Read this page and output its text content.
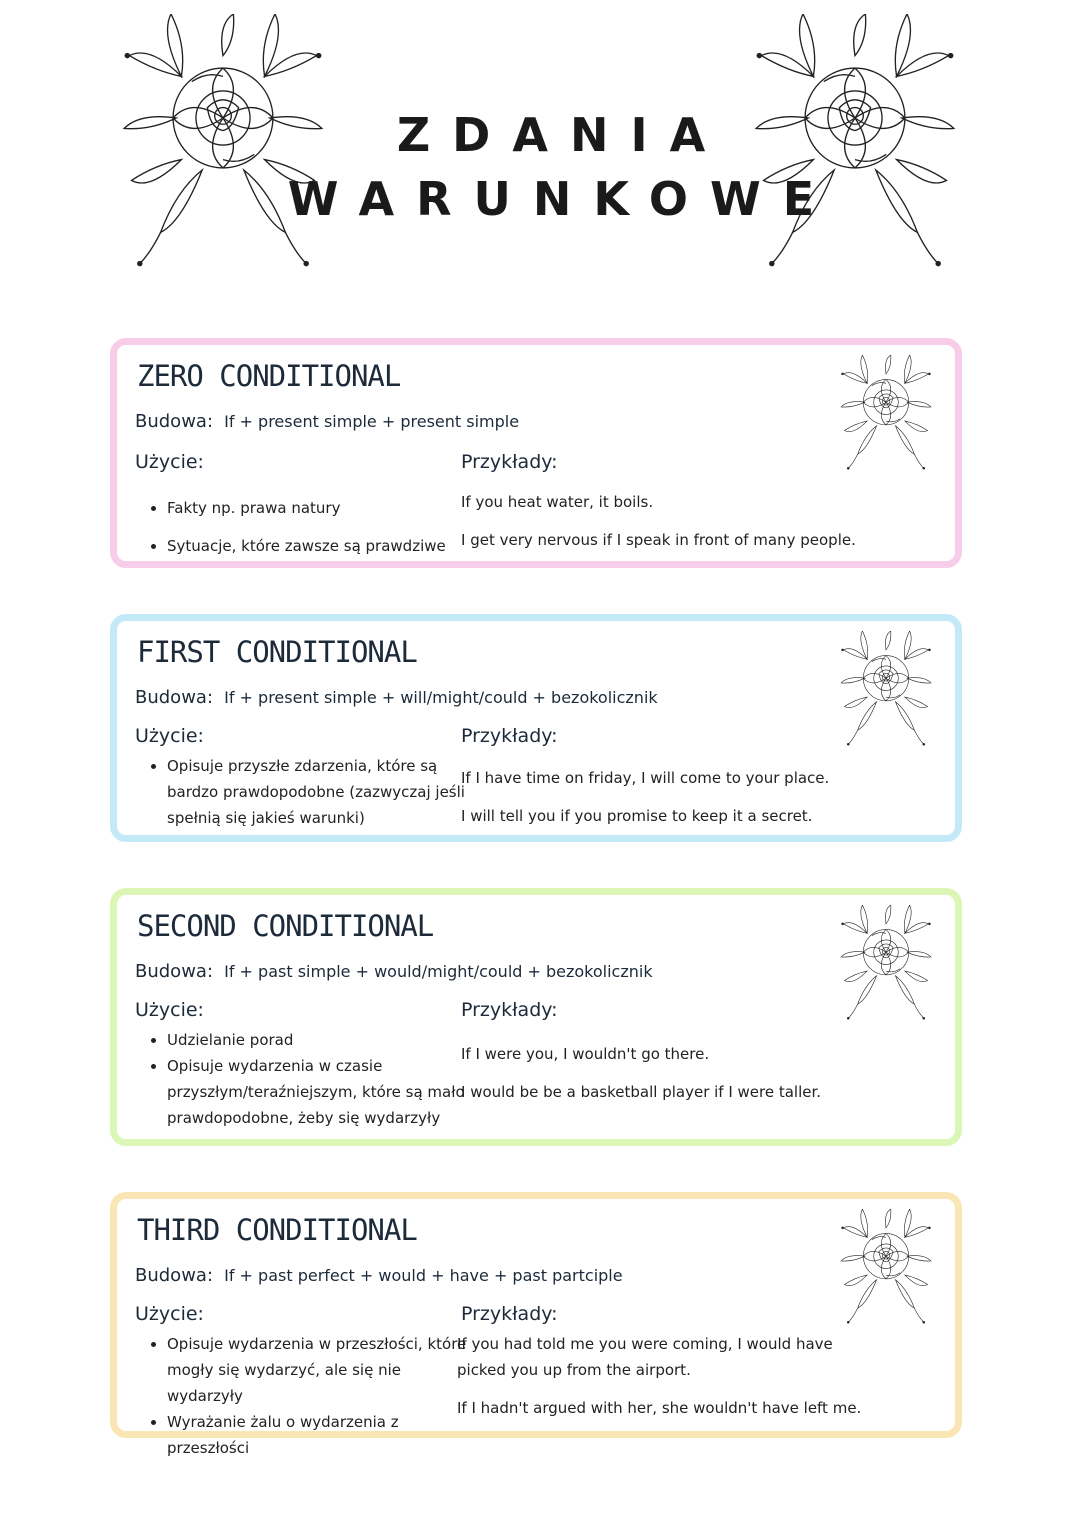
ZDANIA
WARUNKOWE
ZERO CONDITIONAL
Budowa: If + present simple + present simple
Użycie:
• Fakty np. prawa natury
• Sytuacje, które zawsze są prawdziwe
Przykłady:
If you heat water, it boils.
I get very nervous if I speak in front of many people.
FIRST CONDITIONAL
Budowa: If + present simple + will/might/could + bezokolicznik
Użycie:
• Opisuje przyszłe zdarzenia, które są bardzo prawdopodobne (zazwyczaj jeśli spełnią się jakieś warunki)
Przykłady:
If I have time on friday, I will come to your place.
I will tell you if you promise to keep it a secret.
SECOND CONDITIONAL
Budowa: If + past simple + would/might/could + bezokolicznik
Użycie:
• Udzielanie porad
• Opisuje wydarzenia w czasie przyszłym/teraźniejszym, które są mało prawdopodobne, żeby się wydarzyły
Przykłady:
If I were you, I wouldn't go there.
I would be be a basketball player if I were taller.
THIRD CONDITIONAL
Budowa: If + past perfect + would + have + past partciple
Użycie:
• Opisuje wydarzenia w przeszłości, które mogły się wydarzyć, ale się nie wydarzyły
• Wyrażanie żalu o wydarzenia z przeszłości
Przykłady:
If you had told me you were coming, I would have picked you up from the airport.
If I hadn't argued with her, she wouldn't have left me.
